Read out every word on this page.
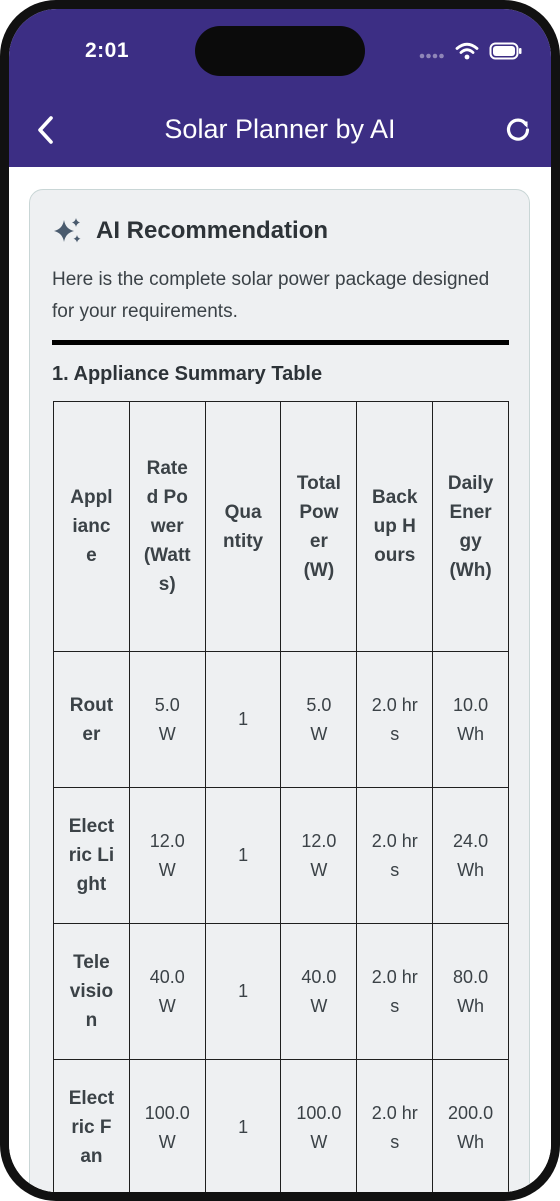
2:01
Solar Planner by AI
AI Recommendation
Here is the complete solar power package designed for your requirements.
1. Appliance Summary Table
Appliance	Rated Power (Watts)	Quantity	Total Power (W)	Backup Hours	Daily Energy (Wh)
Router	5.0 W	1	5.0 W	2.0 hrs	10.0 Wh
Electric Light	12.0 W	1	12.0 W	2.0 hrs	24.0 Wh
Television	40.0 W	1	40.0 W	2.0 hrs	80.0 Wh
Electric Fan	100.0 W	1	100.0 W	2.0 hrs	200.0 Wh
